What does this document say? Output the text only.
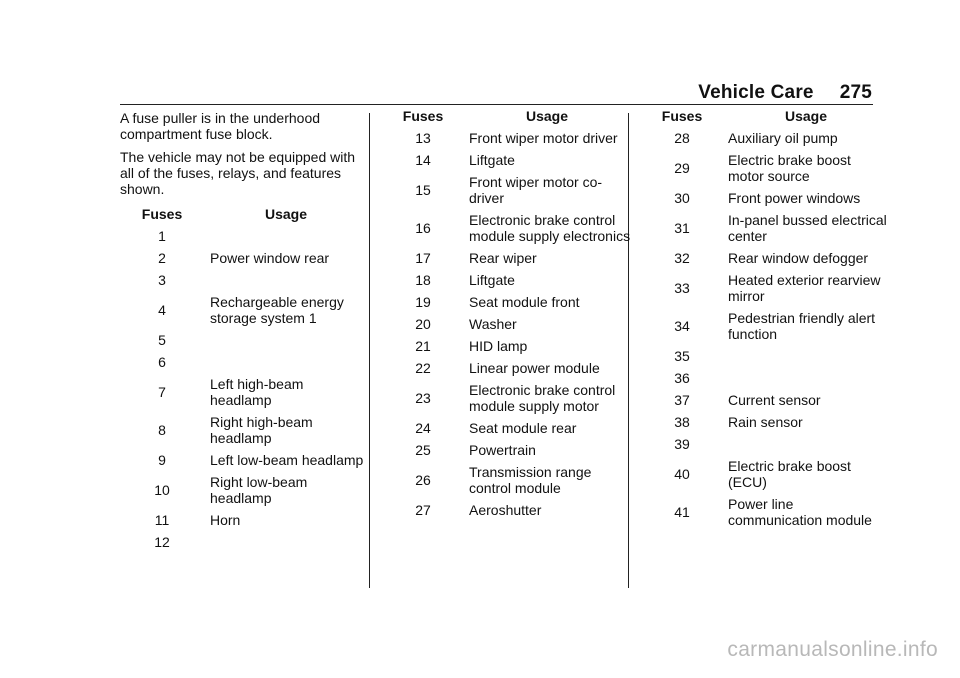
Vehicle Care 275

A fuse puller is in the underhood compartment fuse block.

The vehicle may not be equipped with all of the fuses, relays, and features shown.

Fuses	Usage
1	
2	Power window rear
3	
4	Rechargeable energy storage system 1
5	
6	
7	Left high-beam headlamp
8	Right high-beam headlamp
9	Left low-beam headlamp
10	Right low-beam headlamp
11	Horn
12	
Fuses	Usage
13	Front wiper motor driver
14	Liftgate
15	Front wiper motor co-driver
16	Electronic brake control module supply electronics
17	Rear wiper
18	Liftgate
19	Seat module front
20	Washer
21	HID lamp
22	Linear power module
23	Electronic brake control module supply motor
24	Seat module rear
25	Powertrain
26	Transmission range control module
27	Aeroshutter
Fuses	Usage
28	Auxiliary oil pump
29	Electric brake boost motor source
30	Front power windows
31	In-panel bussed electrical center
32	Rear window defogger
33	Heated exterior rearview mirror
34	Pedestrian friendly alert function
35	
36	
37	Current sensor
38	Rain sensor
39	
40	Electric brake boost (ECU)
41	Power line communication module
carmanualsonline.info
